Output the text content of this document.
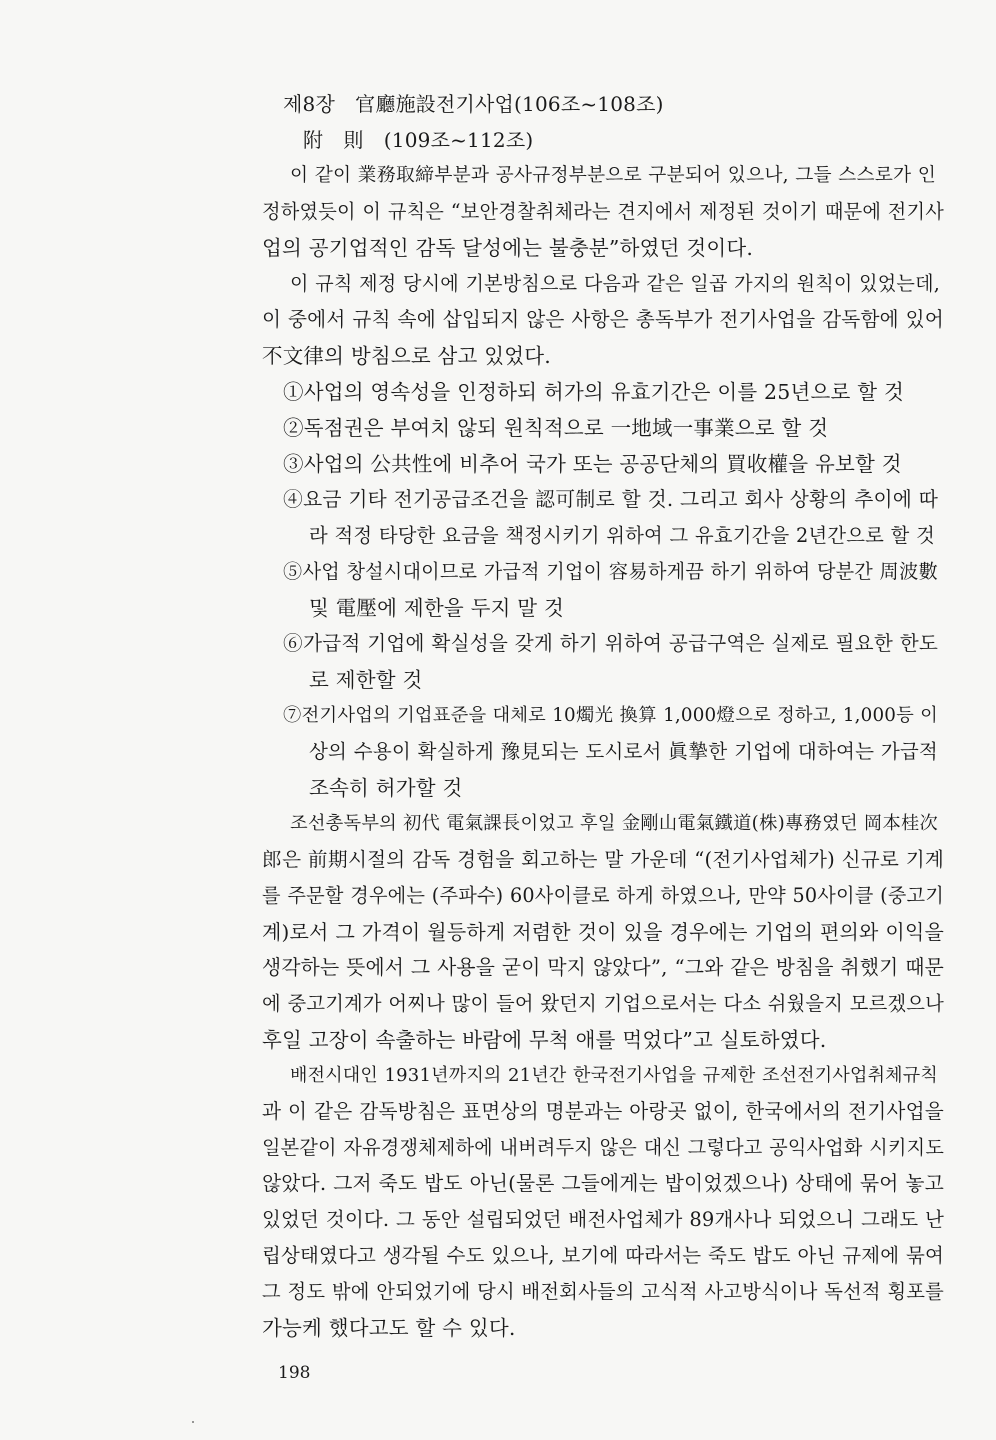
제8장　官廳施設전기사업(106조~108조)
附　則　(109조~112조)
이 같이 業務取締부분과 공사규정부분으로 구분되어 있으나, 그들 스스로가 인
정하였듯이 이 규칙은 “보안경찰취체라는 견지에서 제정된 것이기 때문에 전기사
업의 공기업적인 감독 달성에는 불충분”하였던 것이다.
이 규칙 제정 당시에 기본방침으로 다음과 같은 일곱 가지의 원칙이 있었는데,
이 중에서 규칙 속에 삽입되지 않은 사항은 총독부가 전기사업을 감독함에 있어
不文律의 방침으로 삼고 있었다.
①사업의 영속성을 인정하되 허가의 유효기간은 이를 25년으로 할 것
②독점권은 부여치 않되 원칙적으로 一地域一事業으로 할 것
③사업의 公共性에 비추어 국가 또는 공공단체의 買收權을 유보할 것
④요금 기타 전기공급조건을 認可制로 할 것. 그리고 회사 상황의 추이에 따
라 적정 타당한 요금을 책정시키기 위하여 그 유효기간을 2년간으로 할 것
⑤사업 창설시대이므로 가급적 기업이 容易하게끔 하기 위하여 당분간 周波數
및 電壓에 제한을 두지 말 것
⑥가급적 기업에 확실성을 갖게 하기 위하여 공급구역은 실제로 필요한 한도
로 제한할 것
⑦전기사업의 기업표준을 대체로 10燭光 換算 1,000燈으로 정하고, 1,000등 이
상의 수용이 확실하게 豫見되는 도시로서 眞摯한 기업에 대하여는 가급적
조속히 허가할 것
조선총독부의 初代 電氣課長이었고 후일 金剛山電氣鐵道(株)專務였던 岡本桂次
郎은 前期시절의 감독 경험을 회고하는 말 가운데 “(전기사업체가) 신규로 기계
를 주문할 경우에는 (주파수) 60사이클로 하게 하였으나, 만약 50사이클 (중고기
계)로서 그 가격이 월등하게 저렴한 것이 있을 경우에는 기업의 편의와 이익을
생각하는 뜻에서 그 사용을 굳이 막지 않았다”, “그와 같은 방침을 취했기 때문
에 중고기계가 어찌나 많이 들어 왔던지 기업으로서는 다소 쉬웠을지 모르겠으나
후일 고장이 속출하는 바람에 무척 애를 먹었다”고 실토하였다.
배전시대인 1931년까지의 21년간 한국전기사업을 규제한 조선전기사업취체규칙
과 이 같은 감독방침은 표면상의 명분과는 아랑곳 없이, 한국에서의 전기사업을
일본같이 자유경쟁체제하에 내버려두지 않은 대신 그렇다고 공익사업화 시키지도
않았다. 그저 죽도 밥도 아닌(물론 그들에게는 밥이었겠으나) 상태에 묶어 놓고
있었던 것이다. 그 동안 설립되었던 배전사업체가 89개사나 되었으니 그래도 난
립상태였다고 생각될 수도 있으나, 보기에 따라서는 죽도 밥도 아닌 규제에 묶여
그 정도 밖에 안되었기에 당시 배전회사들의 고식적 사고방식이나 독선적 횡포를
가능케 했다고도 할 수 있다.
198
